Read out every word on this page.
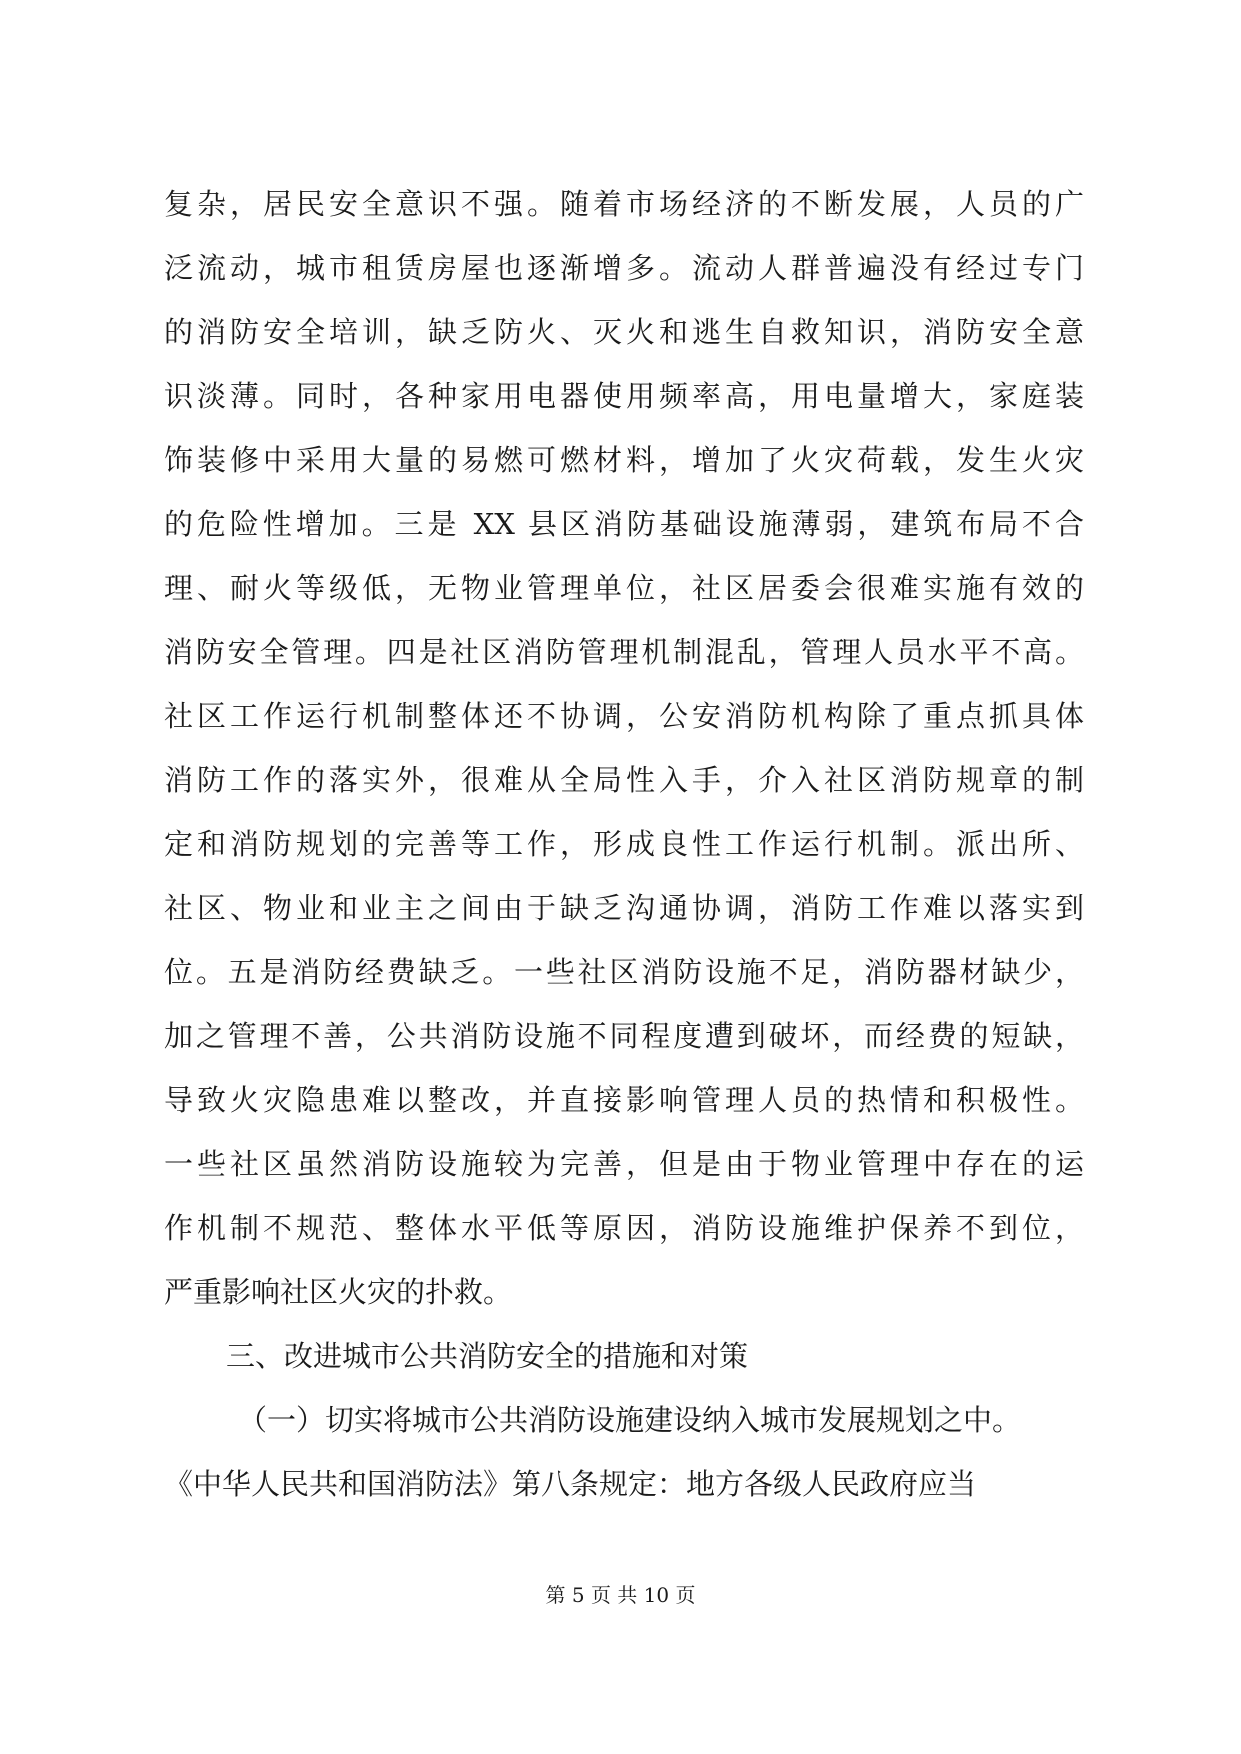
复杂，居民安全意识不强。随着市场经济的不断发展，人员的广
泛流动，城市租赁房屋也逐渐增多。流动人群普遍没有经过专门
的消防安全培训，缺乏防火、灭火和逃生自救知识，消防安全意
识淡薄。同时，各种家用电器使用频率高，用电量增大，家庭装
饰装修中采用大量的易燃可燃材料，增加了火灾荷载，发生火灾
的危险性增加。三是 XX 县区消防基础设施薄弱，建筑布局不合
理、耐火等级低，无物业管理单位，社区居委会很难实施有效的
消防安全管理。四是社区消防管理机制混乱，管理人员水平不高。
社区工作运行机制整体还不协调，公安消防机构除了重点抓具体
消防工作的落实外，很难从全局性入手，介入社区消防规章的制
定和消防规划的完善等工作，形成良性工作运行机制。派出所、
社区、物业和业主之间由于缺乏沟通协调，消防工作难以落实到
位。五是消防经费缺乏。一些社区消防设施不足，消防器材缺少，
加之管理不善，公共消防设施不同程度遭到破坏，而经费的短缺，
导致火灾隐患难以整改，并直接影响管理人员的热情和积极性。
一些社区虽然消防设施较为完善，但是由于物业管理中存在的运
作机制不规范、整体水平低等原因，消防设施维护保养不到位，
严重影响社区火灾的扑救。
三、改进城市公共消防安全的措施和对策
（一）切实将城市公共消防设施建设纳入城市发展规划之中。
《中华人民共和国消防法》第八条规定：地方各级人民政府应当
第 5 页 共 10 页
